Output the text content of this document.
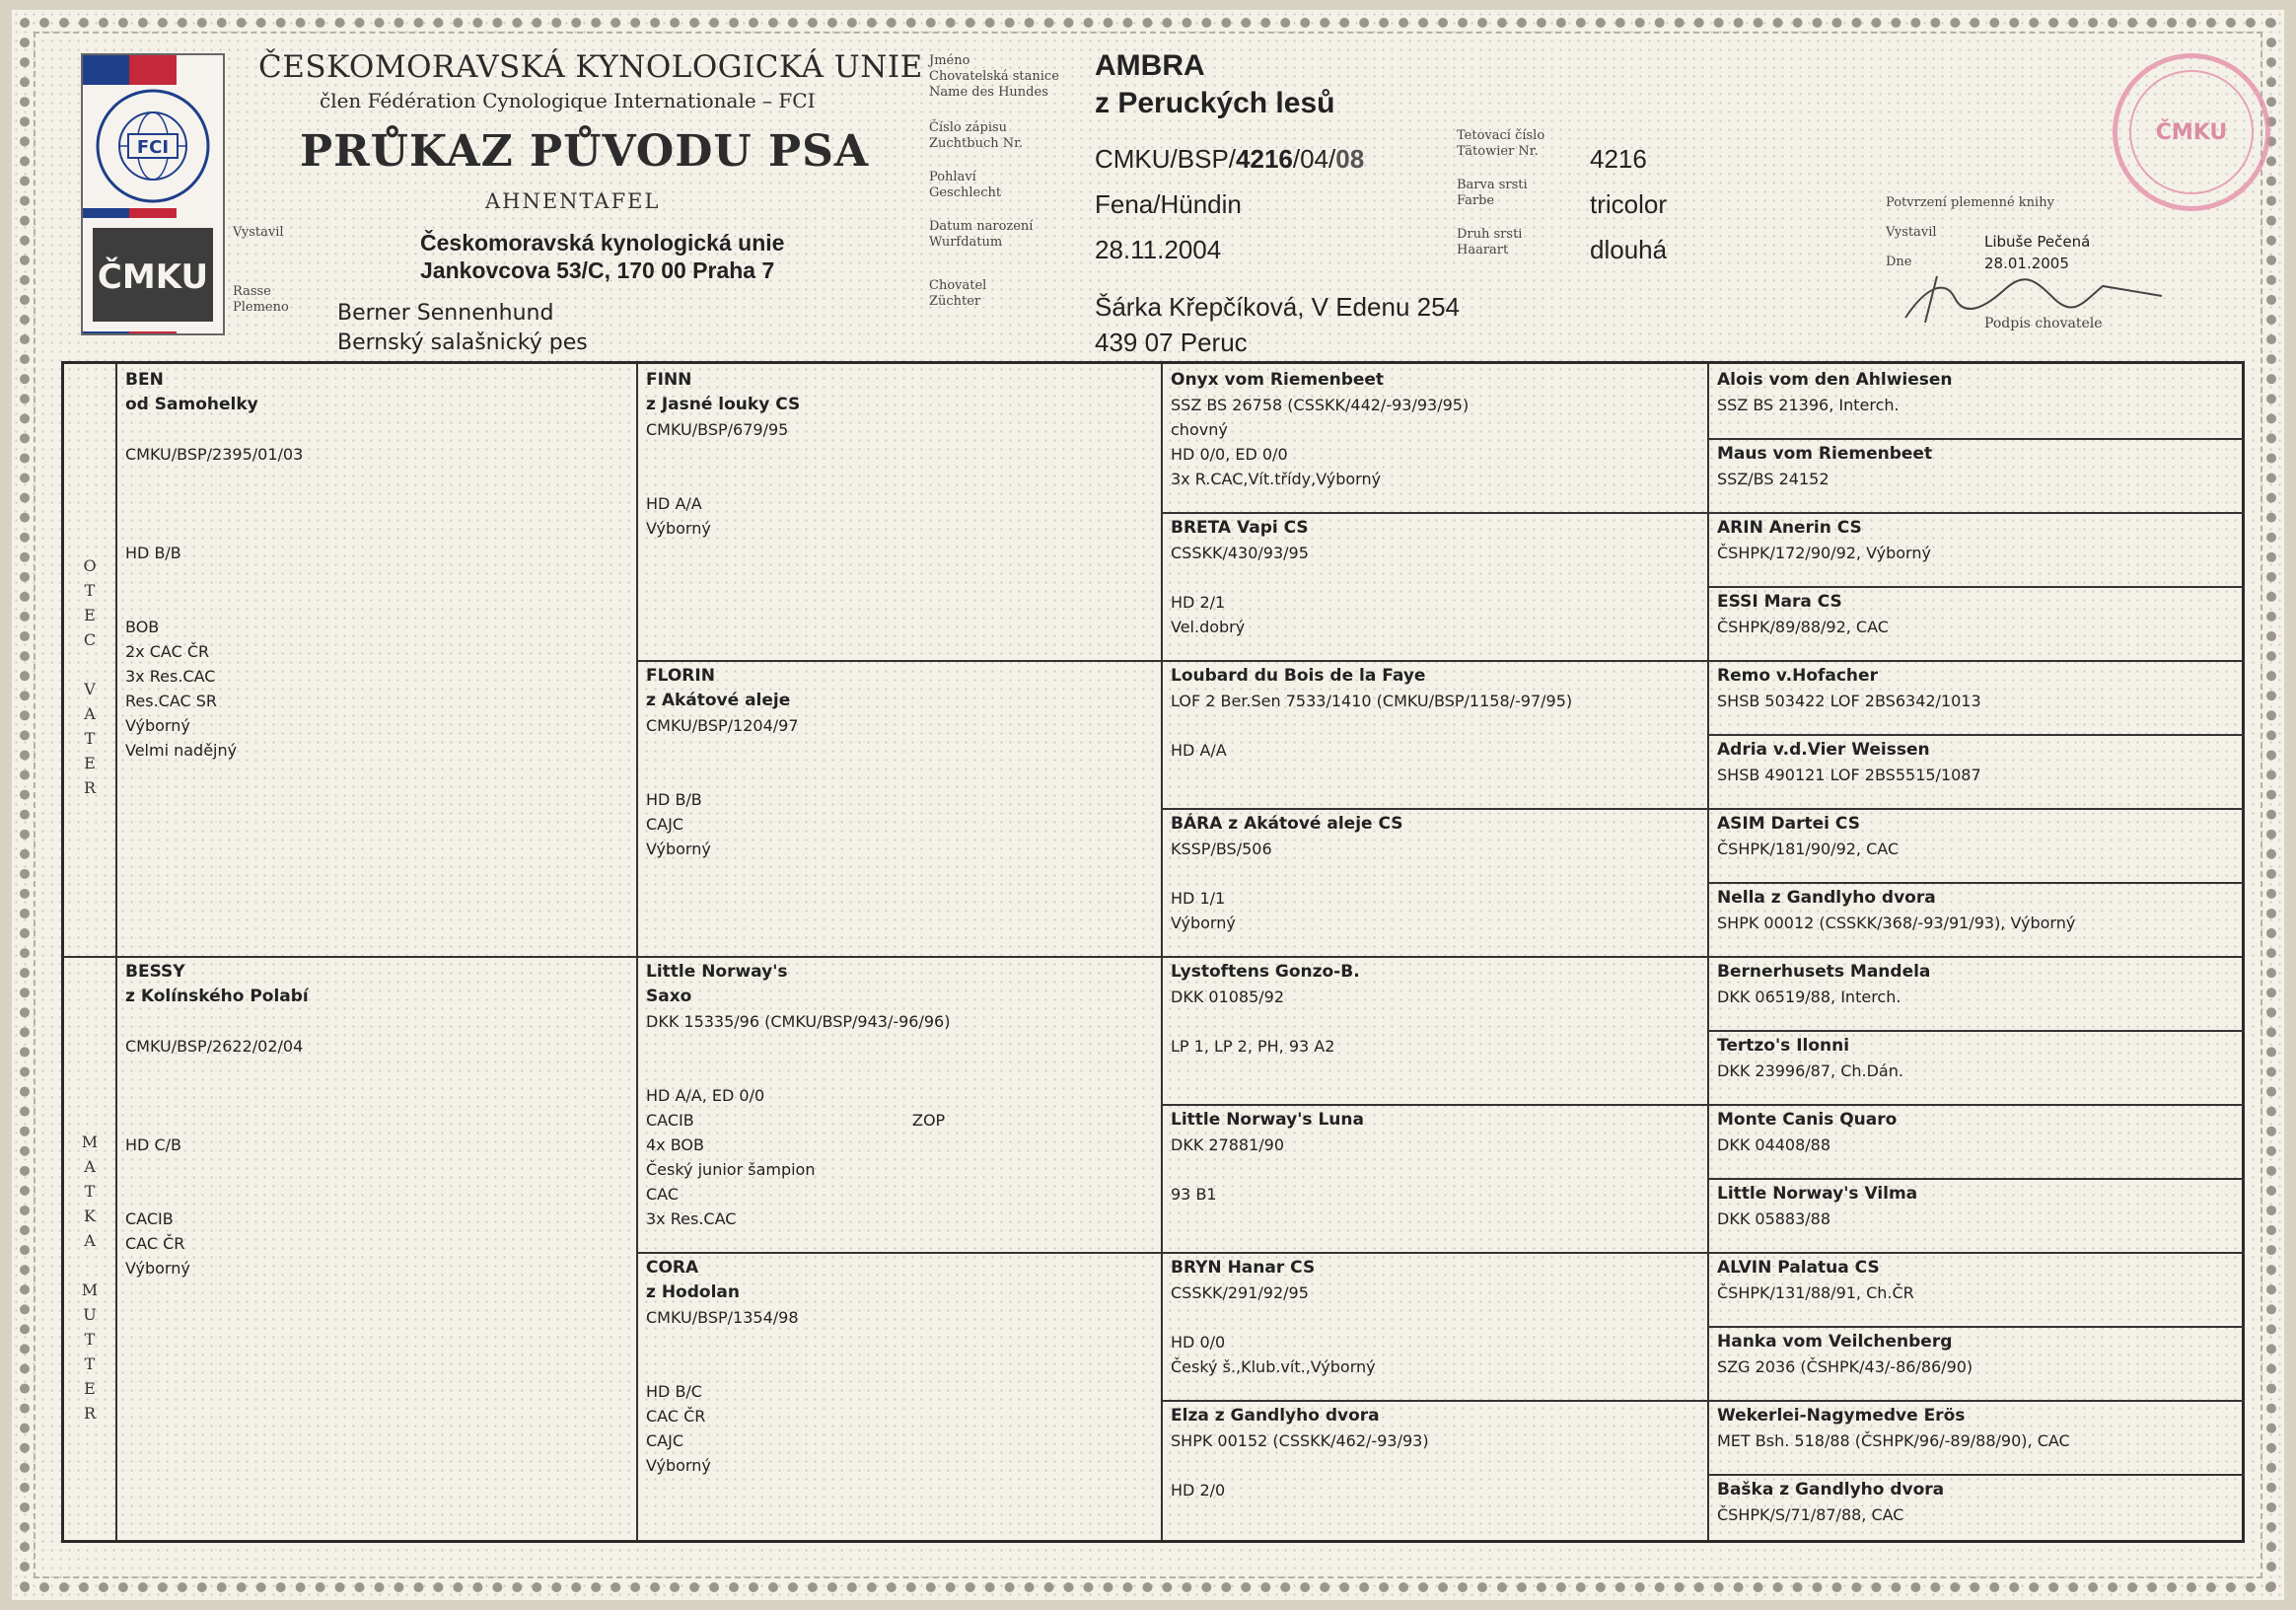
FCI
ČMKU
ČESKOMORAVSKÁ KYNOLOGICKÁ UNIE
člen Fédération Cynologique Internationale – FCI
PRŮKAZ PŮVODU PSA
AHNENTAFEL
Vystavil	Českomoravská kynologická unie
Jankovcova 53/C, 170 00 Praha 7
Rasse
Plemeno Berner Sennenhund
Bernský salašnický pes
Jméno
Chovatelská stanice
Name des Hundes
Číslo zápisu
Zuchtbuch Nr.
Pohlaví
Geschlecht
Datum narození
Wurfdatum
Chovatel
Züchter
AMBRA
z Peruckých lesů
CMKU/BSP/4216/04/08
Fena/Hündin
28.11.2004
Šárka Křepčíková, V Edenu 254
439 07 Peruc
Tetovací číslo
Tätowier Nr.
Barva srsti
Farbe
Druh srsti
Haarart
4216
tricolor
dlouhá
Potvrzení plemenné knihy
Vystavil
Dne
Libuše Pečená
28.01.2005
Podpis chovatele
ČMKU
O
T
E
C

V
A
T
E
R
M
A
T
K
A

M
U
T
T
E
R
BEN
od Samohelky

CMKU/BSP/2395/01/03

HD B/B

BOB
2x CAC ČR
3x Res.CAC
Res.CAC SR
Výborný
Velmi nadějný
BESSY
z Kolínského Polabí

CMKU/BSP/2622/02/04

HD C/B

CACIB
CAC ČR
Výborný
FINN
z Jasné louky CS
CMKU/BSP/679/95

HD A/A
Výborný
FLORIN
z Akátové aleje
CMKU/BSP/1204/97

HD B/B
CAJC
Výborný
Little Norway's
Saxo
DKK 15335/96 (CMKU/BSP/943/-96/96)

HD A/A, ED 0/0
CACIB
4x BOB
Český junior šampion
CAC
3x Res.CAC
ZOP
CORA
z Hodolan
CMKU/BSP/1354/98

HD B/C
CAC ČR
CAJC
Výborný
Onyx vom Riemenbeet
SSZ BS 26758 (CSSKK/442/-93/93/95)
chovný
HD 0/0, ED 0/0
3x R.CAC,Vít.třídy,Výborný
BRETA Vapi CS
CSSKK/430/93/95

HD 2/1
Vel.dobrý
Loubard du Bois de la Faye
LOF 2 Ber.Sen 7533/1410 (CMKU/BSP/1158/-97/95)

HD A/A
BÁRA z Akátové aleje CS
KSSP/BS/506

HD 1/1
Výborný
Lystoftens Gonzo-B.
DKK 01085/92

LP 1, LP 2, PH, 93 A2
Little Norway's Luna
DKK 27881/90

93 B1
BRYN Hanar CS
CSSKK/291/92/95

HD 0/0
Český š.,Klub.vít.,Výborný
Elza z Gandlyho dvora
SHPK 00152 (CSSKK/462/-93/93)

HD 2/0
Alois vom den Ahlwiesen
SSZ BS 21396, Interch.
Maus vom Riemenbeet
SSZ/BS 24152
ARIN Anerin CS
ČSHPK/172/90/92, Výborný
ESSI Mara CS
ČSHPK/89/88/92, CAC
Remo v.Hofacher
SHSB 503422 LOF 2BS6342/1013
Adria v.d.Vier Weissen
SHSB 490121 LOF 2BS5515/1087
ASIM Dartei CS
ČSHPK/181/90/92, CAC
Nella z Gandlyho dvora
SHPK 00012 (CSSKK/368/-93/91/93), Výborný
Bernerhusets Mandela
DKK 06519/88, Interch.
Tertzo's Ilonni
DKK 23996/87, Ch.Dán.
Monte Canis Quaro
DKK 04408/88
Little Norway's Vilma
DKK 05883/88
ALVIN Palatua CS
ČSHPK/131/88/91, Ch.ČR
Hanka vom Veilchenberg
SZG 2036 (ČSHPK/43/-86/86/90)
Wekerlei-Nagymedve Erös
MET Bsh. 518/88 (ČSHPK/96/-89/88/90), CAC
Baška z Gandlyho dvora
ČSHPK/S/71/87/88, CAC
